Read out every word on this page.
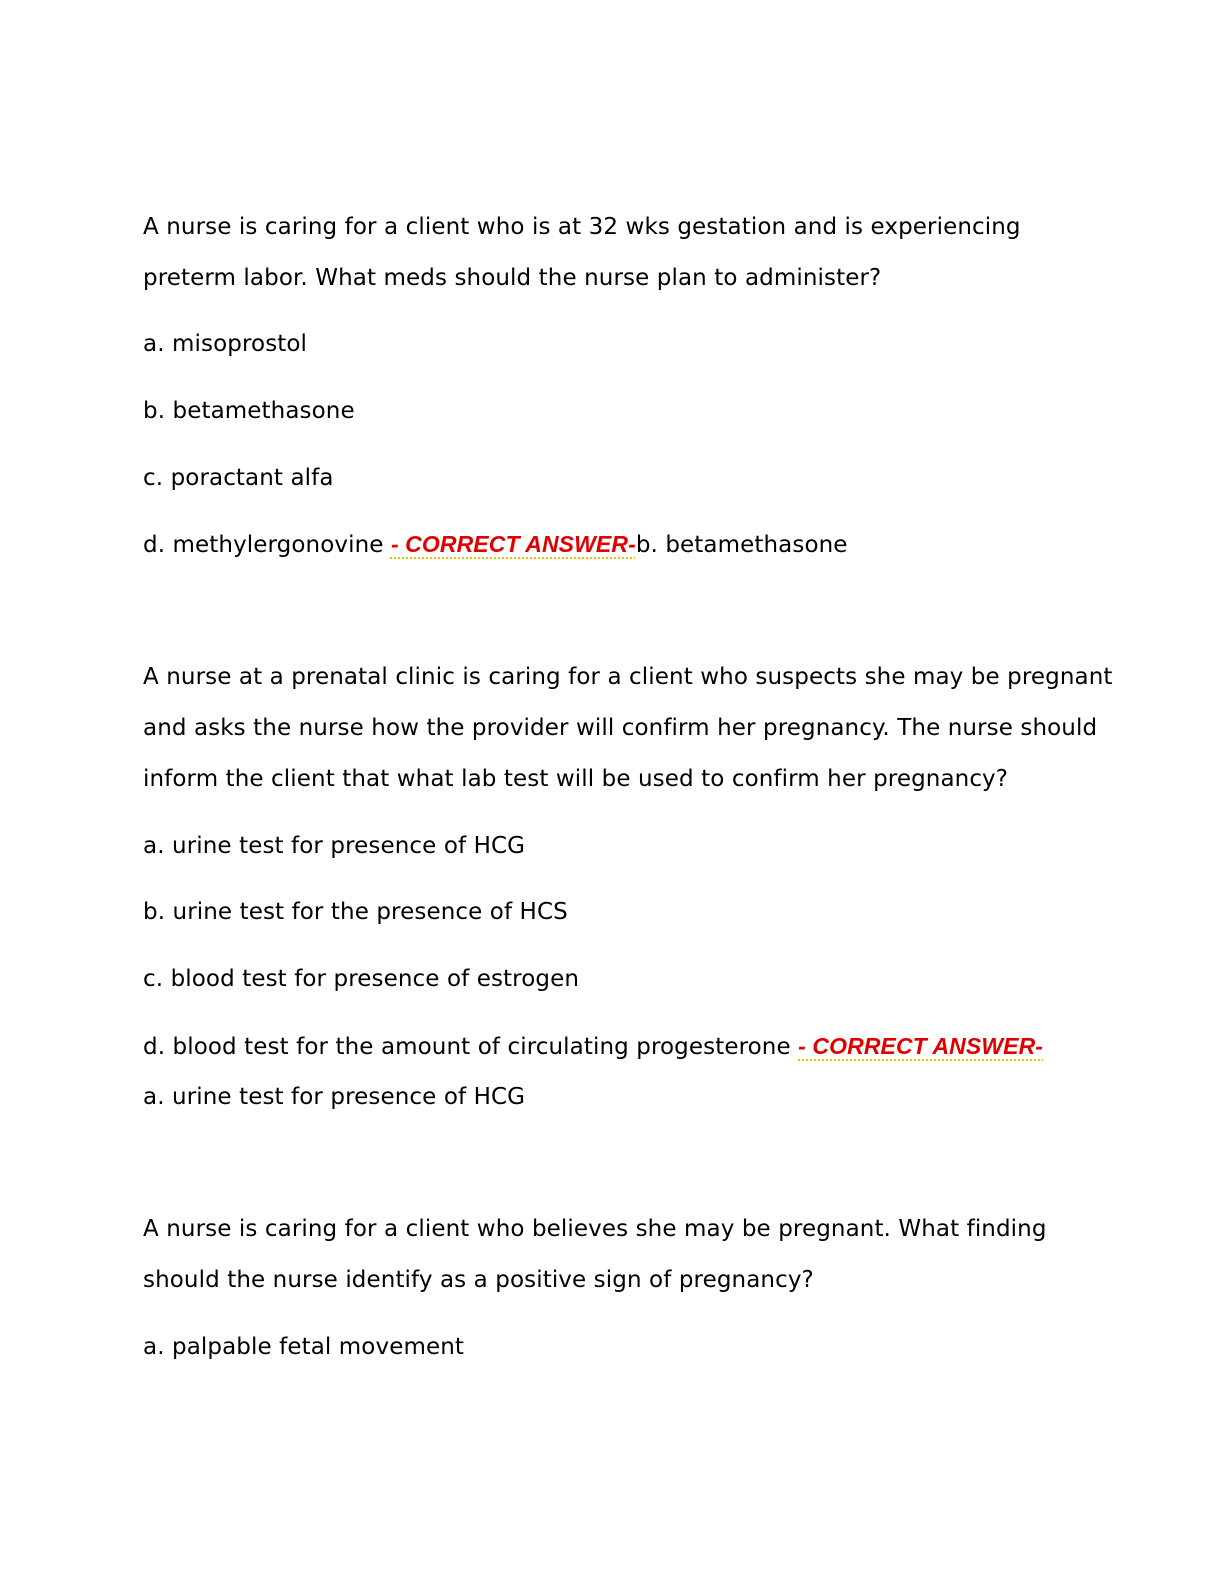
A nurse is caring for a client who is at 32 wks gestation and is experiencing
preterm labor. What meds should the nurse plan to administer?
a. misoprostol
b. betamethasone
c. poractant alfa
d. methylergonovine - CORRECT ANSWER-b. betamethasone
A nurse at a prenatal clinic is caring for a client who suspects she may be pregnant
and asks the nurse how the provider will confirm her pregnancy. The nurse should
inform the client that what lab test will be used to confirm her pregnancy?
a. urine test for presence of HCG
b. urine test for the presence of HCS
c. blood test for presence of estrogen
d. blood test for the amount of circulating progesterone - CORRECT ANSWER-
a. urine test for presence of HCG
A nurse is caring for a client who believes she may be pregnant. What finding
should the nurse identify as a positive sign of pregnancy?
a. palpable fetal movement
